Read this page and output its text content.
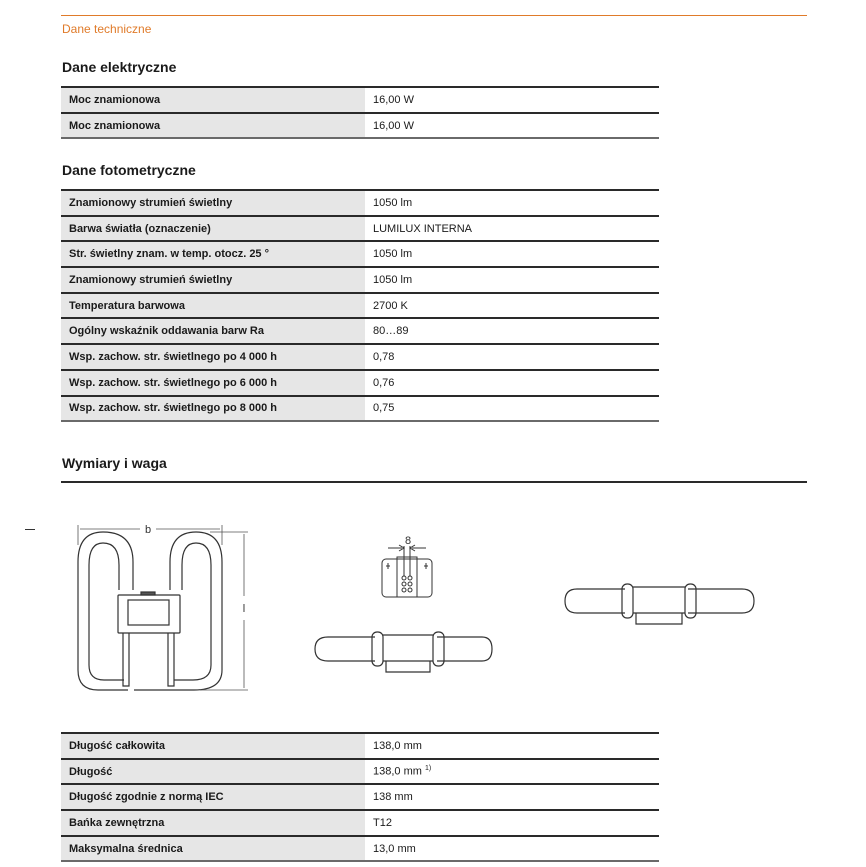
Dane techniczne
Dane elektryczne
Moc znamionowa	16,00 W
Moc znamionowa	16,00 W
Dane fotometryczne
Znamionowy strumień świetlny	1050 lm
Barwa światła (oznaczenie)	LUMILUX INTERNA
Str. świetlny znam. w temp. otocz. 25 °	1050 lm
Znamionowy strumień świetlny	1050 lm
Temperatura barwowa	2700 K
Ogólny wskaźnik oddawania barw Ra	80…89
Wsp. zachow. str. świetlnego po 4 000 h	0,78
Wsp. zachow. str. świetlnego po 6 000 h	0,76
Wsp. zachow. str. świetlnego po 8 000 h	0,75
Wymiary i waga
b
l
8
Długość całkowita	138,0 mm
Długość	138,0 mm $^{1)}$
Długość zgodnie z normą IEC	138 mm
Bańka zewnętrzna	T12
Maksymalna średnica	13,0 mm
